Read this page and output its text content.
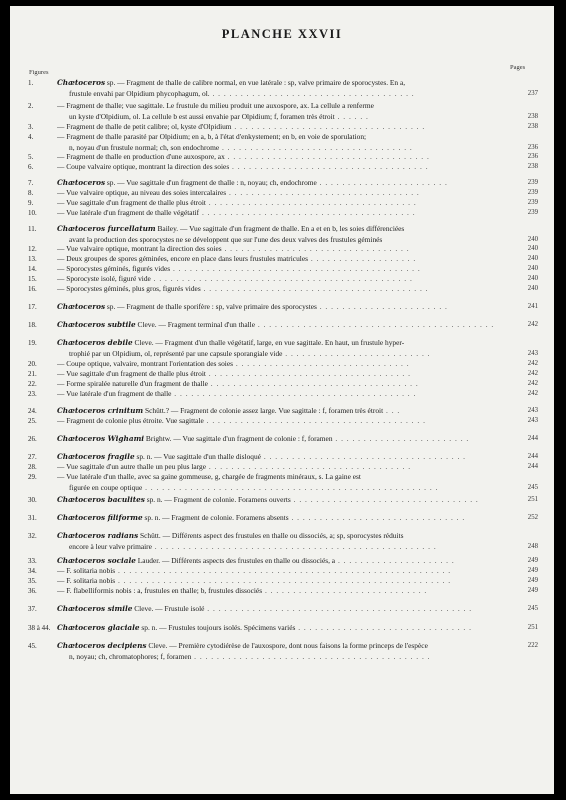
PLANCHE XXVII
Figures
Pages
1.	Chætoceros sp. — Fragment de thalle de calibre normal, en vue latérale : sp, valve primaire de sporocystes. En a,
frustule envahi par Olpidium phycophagum, ol. . . . . . . . . . . . . . . . . . . . . . . . . . . . . . . . . . . . .	237
2.	— Fragment de thalle; vue sagittale. Le frustule du milieu produit une auxospore, ax. La cellule a renferme
un kyste d'Olpidium, ol. La cellule b est aussi envahie par Olpidium; f, foramen très étroit . . . . . .	238
3.	— Fragment de thalle de petit calibre; ol, kyste d'Olpidium . . . . . . . . . . . . . . . . . . . . . . . . . . . . . . . . . .	238
4.	— Fragment de thalle parasité par Olpidium; en a, b, à l'état d'enkystement; en b, en voie de sporulation;
n, noyau d'un frustule normal; ch, son endochrome . . . . . . . . . . . . . . . . . . . . . . . . . . . . . . . . . .	236
5.	— Fragment de thalle en production d'une auxospore, ax . . . . . . . . . . . . . . . . . . . . . . . . . . . . . . . . . . . .	236
6.	— Coupe valvaire optique, montrant la direction des soies . . . . . . . . . . . . . . . . . . . . . . . . . . . . . . . . . . .	238
7.	Chætoceros sp. — Vue sagittale d'un fragment de thalle : n, noyau; ch, endochrome . . . . . . . . . . . . . . . . . . . . . . .	239
8.	— Vue valvaire optique, au niveau des soies intercalaires . . . . . . . . . . . . . . . . . . . . . . . . . . . . . . . . . .	239
9.	— Vue sagittale d'un fragment de thalle plus étroit . . . . . . . . . . . . . . . . . . . . . . . . . . . . . . . . . . . . .	239
10.	— Vue latérale d'un fragment de thalle végétatif . . . . . . . . . . . . . . . . . . . . . . . . . . . . . . . . . . . . . .	239
11.	Chætoceros furcellatum Bailey. — Vue sagittale d'un fragment de thalle. En a et en b, les soies différenciées
avant la production des sporocystes ne se développent que sur l'une des deux valves des frustules géminés	240
12.	— Vue valvaire optique, montrant la direction des soies . . . . . . . . . . . . . . . . . . . . . . . . . . . . . . . . .	240
13.	— Deux groupes de spores géminées, encore en place dans leurs frustules matricules . . . . . . . . . . . . . . . . . . .	240
14.	— Sporocystes géminés, figurés vides . . . . . . . . . . . . . . . . . . . . . . . . . . . . . . . . . . . . . . . . . . . .	240
15.	— Sporocyste isolé, figuré vide . . . . . . . . . . . . . . . . . . . . . . . . . . . . . . . . . . . . . . . . . . . . . .	240
16.	— Sporocystes géminés, plus gros, figurés vides . . . . . . . . . . . . . . . . . . . . . . . . . . . . . . . . . . . . . . . .	240
17.	Chætoceros sp. — Fragment de thalle sporifère : sp, valve primaire des sporocystes . . . . . . . . . . . . . . . . . . . . . . .	241
18.	Chætoceros subtile Cleve. — Fragment terminal d'un thalle . . . . . . . . . . . . . . . . . . . . . . . . . . . . . . . . . . . . . . . . . .	242
19.	Chætoceros debile Cleve. — Fragment d'un thalle végétatif, large, en vue sagittale. En haut, un frustule hyper-
trophié par un Olpidium, ol, représenté par une capsule sporangiale vide . . . . . . . . . . . . . . . . . . . . . . . . . .	243
20.	— Coupe optique, valvaire, montrant l'orientation des soies . . . . . . . . . . . . . . . . . . . . . . . . . . . . . . .	242
21.	— Vue sagittale d'un fragment de thalle plus étroit . . . . . . . . . . . . . . . . . . . . . . . . . . . . . . . . . . . .	242
22.	— Forme spiralée naturelle d'un fragment de thalle . . . . . . . . . . . . . . . . . . . . . . . . . . . . . . . . . . . . .	242
23.	— Vue latérale d'un fragment de thalle . . . . . . . . . . . . . . . . . . . . . . . . . . . . . . . . . . . . . . . . . . .	242
24.	Chætoceros crinitum Schütt.? — Fragment de colonie assez large. Vue sagittale : f, foramen très étroit . . .	243
25.	— Fragment de colonie plus étroite. Vue sagittale . . . . . . . . . . . . . . . . . . . . . . . . . . . . . . . . . . . . . . .	243
26.	Chætoceros Wighami Brightw. — Vue sagittale d'un fragment de colonie : f, foramen . . . . . . . . . . . . . . . . . . . . . . . .	244
27.	Chætoceros fragile sp. n. — Vue sagittale d'un thalle disloqué . . . . . . . . . . . . . . . . . . . . . . . . . . . . . . . . . . . .	244
28.	— Vue sagittale d'un autre thalle un peu plus large . . . . . . . . . . . . . . . . . . . . . . . . . . . . . . . . . . . .	244
29.	— Vue latérale d'un thalle, avec sa gaine gommeuse, g, chargée de fragments minéraux, s. La gaine est
figurée en coupe optique . . . . . . . . . . . . . . . . . . . . . . . . . . . . . . . . . . . . . . . . . . . . . . . . . . . .	245
30.	Chætoceros baculites sp. n. — Fragment de colonie. Foramens ouverts . . . . . . . . . . . . . . . . . . . . . . . . . . . . . . . . .	251
31.	Chætoceros filiforme sp. n. — Fragment de colonie. Foramens absents . . . . . . . . . . . . . . . . . . . . . . . . . . . . . . .	252
32.	Chætoceros radians Schütt. — Différents aspect des frustules en thalle ou dissociés, a; sp, sporocystes réduits
encore à leur valve primaire . . . . . . . . . . . . . . . . . . . . . . . . . . . . . . . . . . . . . . . . . . . . . . . . . .	248
33.	Chætoceros sociale Lauder. — Différents aspects des frustules en thalle ou dissociés, a . . . . . . . . . . . . . . . . . . . . .	249
34.	— F. solitaria nobis . . . . . . . . . . . . . . . . . . . . . . . . . . . . . . . . . . . . . . . . . . . . . . . . . . . . . . . . . . .	249
35.	— F. solitaria nobis . . . . . . . . . . . . . . . . . . . . . . . . . . . . . . . . . . . . . . . . . . . . . . . . . . . . . . . . . . .	249
36.	— F. flabelliformis nobis : a, frustules en thalle; b, frustules dissociés . . . . . . . . . . . . . . . . . . . . . . . . . . . . .	249
37.	Chætoceros simile Cleve. — Frustule isolé . . . . . . . . . . . . . . . . . . . . . . . . . . . . . . . . . . . . . . . . . . . . . . .	245
38 à 44. Chætoceros glaciale sp. n. — Frustules toujours isolés. Spécimens variés . . . . . . . . . . . . . . . . . . . . . . . . . . . . . . .	251
45.	Chætoceros decipiens Cleve. — Première cytodiérèse de l'auxospore, dont nous faisons la forme princeps de l'espèce	222
n, noyau; ch, chromatophores; f, foramen . . . . . . . . . . . . . . . . . . . . . . . . . . . . . . . . . . . . . . . . . .
